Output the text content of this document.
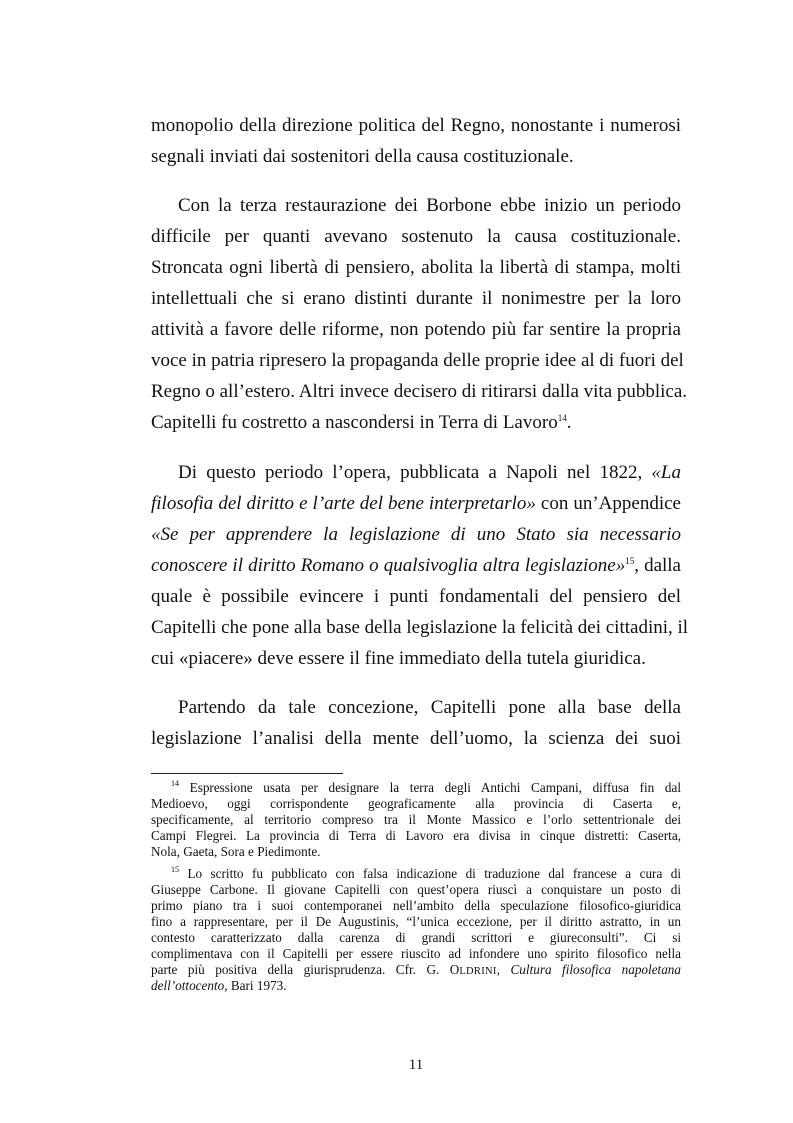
monopolio della direzione politica del Regno, nonostante i numerosi
segnali inviati dai sostenitori della causa costituzionale.
Con la terza restaurazione dei Borbone ebbe inizio un periodo
difficile per quanti avevano sostenuto la causa costituzionale.
Stroncata ogni libertà di pensiero, abolita la libertà di stampa, molti
intellettuali che si erano distinti durante il nonimestre per la loro
attività a favore delle riforme, non potendo più far sentire la propria
voce in patria ripresero la propaganda delle proprie idee al di fuori del
Regno o all’estero. Altri invece decisero di ritirarsi dalla vita pubblica.
Capitelli fu costretto a nascondersi in Terra di Lavoro$^{14}$.
Di questo periodo l’opera, pubblicata a Napoli nel 1822, «La
filosofia del diritto e l’arte del bene interpretarlo» con un’Appendice
«Se per apprendere la legislazione di uno Stato sia necessario
conoscere il diritto Romano o qualsivoglia altra legislazione»$^{15}$, dalla
quale è possibile evincere i punti fondamentali del pensiero del
Capitelli che pone alla base della legislazione la felicità dei cittadini, il
cui «piacere» deve essere il fine immediato della tutela giuridica.
Partendo da tale concezione, Capitelli pone alla base della
legislazione l’analisi della mente dell’uomo, la scienza dei suoi
$^{14}$ Espressione usata per designare la terra degli Antichi Campani, diffusa fin dal
Medioevo, oggi corrispondente geograficamente alla provincia di Caserta e,
specificamente, al territorio compreso tra il Monte Massico e l’orlo settentrionale dei
Campi Flegrei. La provincia di Terra di Lavoro era divisa in cinque distretti: Caserta,
Nola, Gaeta, Sora e Piedimonte.
$^{15}$ Lo scritto fu pubblicato con falsa indicazione di traduzione dal francese a cura di
Giuseppe Carbone. Il giovane Capitelli con quest’opera riuscì a conquistare un posto di
primo piano tra i suoi contemporanei nell’ambito della speculazione filosofico-giuridica
fino a rappresentare, per il De Augustinis, “l’unica eccezione, per il diritto astratto, in un
contesto caratterizzato dalla carenza di grandi scrittori e giureconsulti”. Ci si
complimentava con il Capitelli per essere riuscito ad infondere uno spirito filosofico nella
parte più positiva della giurisprudenza. Cfr. G. OLDRINI, Cultura filosofica napoletana
dell’ottocento, Bari 1973.
11
